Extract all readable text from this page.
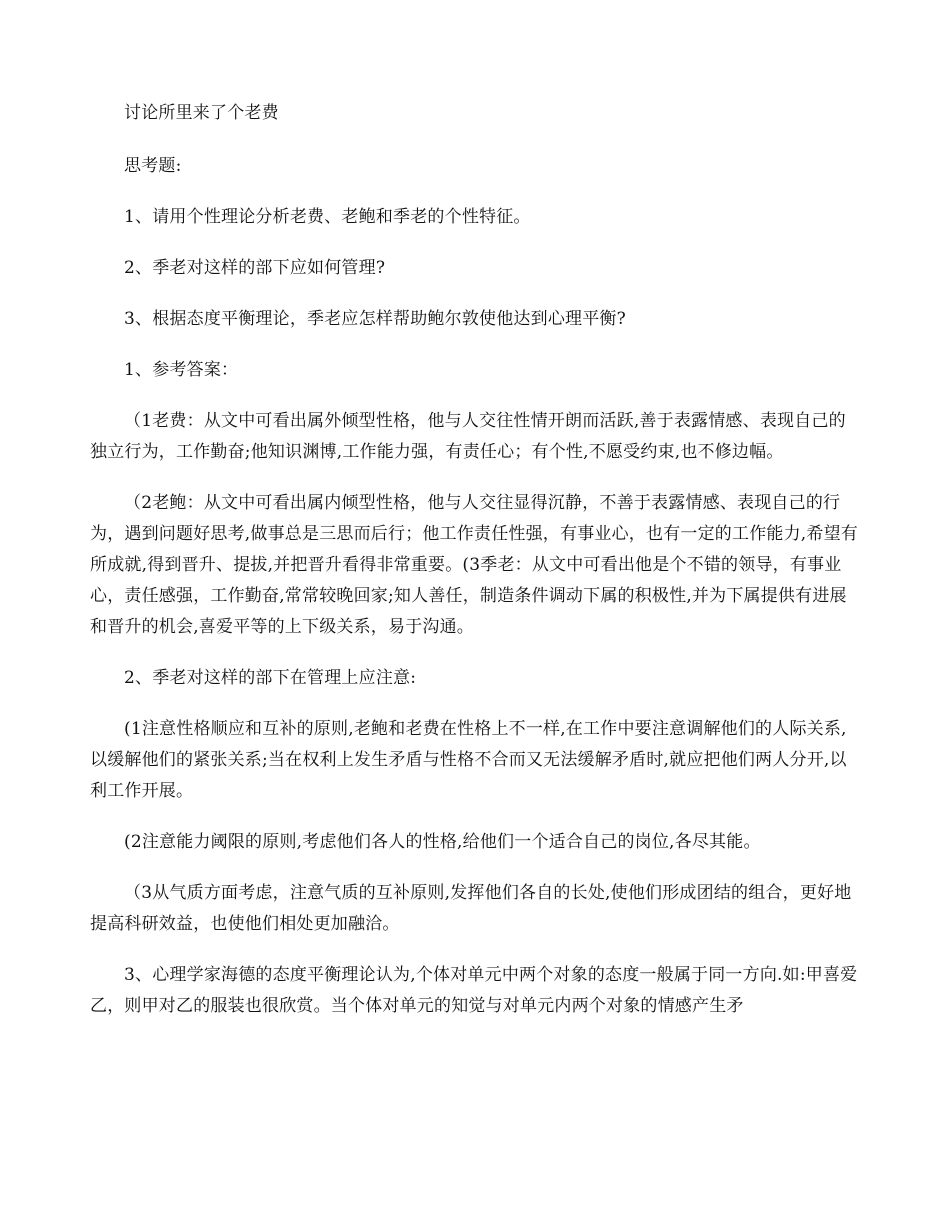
讨论所里来了个老费

思考题:

1、请用个性理论分析老费、老鲍和季老的个性特征。

2、季老对这样的部下应如何管理?

3、根据态度平衡理论，季老应怎样帮助鲍尔敦使他达到心理平衡?

1、参考答案：

（1老费：从文中可看出属外倾型性格，他与人交往性情开朗而活跃,善于表露情感、表现自己的独立行为，工作勤奋;他知识渊博,工作能力强，有责任心；有个性,不愿受约束,也不修边幅。

（2老鲍：从文中可看出属内倾型性格，他与人交往显得沉静，不善于表露情感、表现自己的行为，遇到问题好思考,做事总是三思而后行；他工作责任性强，有事业心，也有一定的工作能力,希望有所成就,得到晋升、提拔,并把晋升看得非常重要。(3季老：从文中可看出他是个不错的领导，有事业心，责任感强，工作勤奋,常常较晚回家;知人善任，制造条件调动下属的积极性,并为下属提供有进展和晋升的机会,喜爱平等的上下级关系，易于沟通。

2、季老对这样的部下在管理上应注意:

(1注意性格顺应和互补的原则,老鲍和老费在性格上不一样,在工作中要注意调解他们的人际关系,以缓解他们的紧张关系;当在权利上发生矛盾与性格不合而又无法缓解矛盾时,就应把他们两人分开,以利工作开展。

(2注意能力阈限的原则,考虑他们各人的性格,给他们一个适合自己的岗位,各尽其能。

（3从气质方面考虑，注意气质的互补原则,发挥他们各自的长处,使他们形成团结的组合，更好地提高科研效益，也使他们相处更加融洽。

3、心理学家海德的态度平衡理论认为,个体对单元中两个对象的态度一般属于同一方向.如:甲喜爱乙，则甲对乙的服装也很欣赏。当个体对单元的知觉与对单元内两个对象的情感产生矛
